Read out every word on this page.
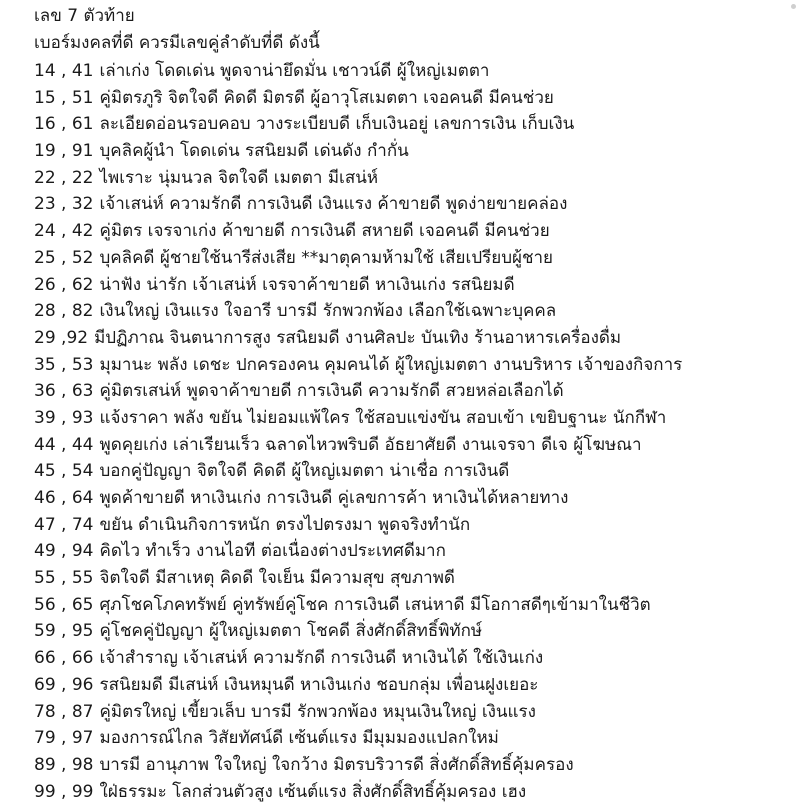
เลข 7 ตัวท้าย
เบอร์มงคลที่ดี ควรมีเลขคู่ลำดับที่ดี ดังนี้
14 , 41 เล่าเก่ง โดดเด่น พูดจาน่ายึดมั่น เชาวน์ดี ผู้ใหญ่เมตตา
15 , 51 คู่มิตรภูริ จิตใจดี คิดดี มิตรดี ผู้อาวุโสเมตตา เจอคนดี มีคนช่วย
16 , 61 ละเอียดอ่อนรอบคอบ วางระเบียบดี เก็บเงินอยู่ เลขการเงิน เก็บเงิน
19 , 91 บุคลิคผู้นำ โดดเด่น รสนิยมดี เด่นดัง กำกั่น
22 , 22 ไพเราะ นุ่มนวล จิตใจดี เมตตา มีเสน่ห์
23 , 32 เจ้าเสน่ห์ ความรักดี การเงินดี เงินแรง ค้าขายดี พูดง่ายขายคล่อง
24 , 42 คู่มิตร เจรจาเก่ง ค้าขายดี การเงินดี สหายดี เจอคนดี มีคนช่วย
25 , 52 บุคลิคดี ผู้ชายใช้นารีส่งเสีย **มาตุคามห้ามใช้ เสียเปรียบผู้ชาย
26 , 62 น่าฟัง น่ารัก เจ้าเสน่ห์ เจรจาค้าขายดี หาเงินเก่ง รสนิยมดี
28 , 82 เงินใหญ่ เงินแรง ใจอารี บารมี รักพวกพ้อง เลือกใช้เฉพาะบุคคล
29 ,92 มีปฏิภาณ จินตนาการสูง รสนิยมดี งานศิลปะ บันเทิง ร้านอาหารเครื่องดื่ม
35 , 53 มุมานะ พลัง เดชะ ปกครองคน คุมคนได้ ผู้ใหญ่เมตตา งานบริหาร เจ้าของกิจการ
36 , 63 คู่มิตรเสน่ห์ พูดจาค้าขายดี การเงินดี ความรักดี สวยหล่อเลือกได้
39 , 93 แจ้งราคา พลัง ขยัน ไม่ยอมแพ้ใคร ใช้สอบแข่งขัน สอบเข้า เขยิบฐานะ นักกีฬา
44 , 44 พูดคุยเก่ง เล่าเรียนเร็ว ฉลาดไหวพริบดี อัธยาศัยดี งานเจรจา ดีเจ ผู้โฆษณา
45 , 54 บอกคู่ปัญญา จิตใจดี คิดดี ผู้ใหญ่เมตตา น่าเชื่อ การเงินดี
46 , 64 พูดค้าขายดี หาเงินเก่ง การเงินดี คู่เลขการค้า หาเงินได้หลายทาง
47 , 74 ขยัน ดำเนินกิจการหนัก ตรงไปตรงมา พูดจริงทำนัก
49 , 94 คิดไว ทำเร็ว งานไอที ต่อเนื่องต่างประเทศดีมาก
55 , 55 จิตใจดี มีสาเหตุ คิดดี ใจเย็น มีความสุข สุขภาพดี
56 , 65 ศุภโชคโภคทรัพย์ คู่ทรัพย์คู่โชค การเงินดี เสน่หาดี มีโอกาสดีๆเข้ามาในชีวิต
59 , 95 คู่โชคคู่ปัญญา ผู้ใหญ่เมตตา โชคดี สิ่งศักดิ์สิทธิ์พิทักษ์
66 , 66 เจ้าสำราญ เจ้าเสน่ห์ ความรักดี การเงินดี หาเงินได้ ใช้เงินเก่ง
69 , 96 รสนิยมดี มีเสน่ห์ เงินหมุนดี หาเงินเก่ง ชอบกลุ่ม เพื่อนฝูงเยอะ
78 , 87 คู่มิตรใหญ่ เขี้ยวเล็บ บารมี รักพวกพ้อง หมุนเงินใหญ่ เงินแรง
79 , 97 มองการณ์ไกล วิสัยทัศน์ดี เซ้นต์แรง มีมุมมองแปลกใหม่
89 , 98 บารมี อานุภาพ ใจใหญ่ ใจกว้าง มิตรบริวารดี สิ่งศักดิ์สิทธิ์คุ้มครอง
99 , 99 ใฝ่ธรรมะ โลกส่วนตัวสูง เซ้นต์แรง สิ่งศักดิ์สิทธิ์คุ้มครอง เฮง
